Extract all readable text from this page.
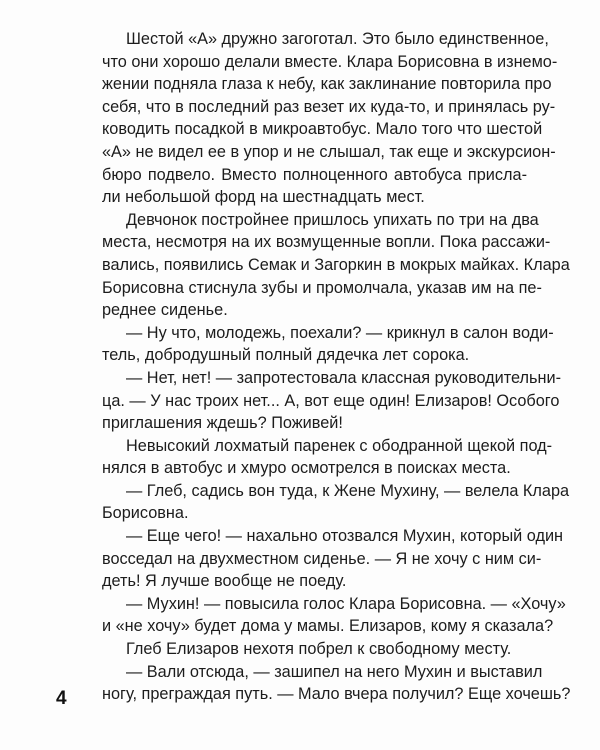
Шестой «А» дружно загоготал. Это было единственное,
что они хорошо делали вместе. Клара Борисовна в изнемо-
жении подняла глаза к небу, как заклинание повторила про
себя, что в последний раз везет их куда-то, и принялась ру-
ководить посадкой в микроавтобус. Мало того что шестой
«А» не видел ее в упор и не слышал, так еще и экскурсион-
бюро подвело. Вместо полноценного автобуса прислa-
ли небольшой форд на шестнадцать мест.
Девчонок постройнее пришлось упихать по три на два
места, несмотря на их возмущенные вопли. Пока рассажи-
вались, появились Семак и Загоркин в мокрых майках. Клара
Борисовна стиснула зубы и промолчала, указав им на пе-
реднее сиденье.
— Ну что, молодежь, поехали? — крикнул в салон води-
тель, добродушный полный дядечка лет сорока.
— Нет, нет! — запротестовала классная руководительни-
ца. — У нас троих нет... А, вот еще один! Елизаров! Особого
приглашения ждешь? Поживей!
Невысокий лохматый паренек с ободранной щекой под-
нялся в автобус и хмуро осмотрелся в поисках места.
— Глеб, садись вон туда, к Жене Мухину, — велела Клара
Борисовна.
— Еще чего! — нахально отозвался Мухин, который один
восседал на двухместном сиденье. — Я не хочу с ним си-
деть! Я лучше вообще не поеду.
— Мухин! — повысила голос Клара Борисовна. — «Хочу»
и «не хочу» будет дома у мамы. Елизаров, кому я сказала?
Глеб Елизаров нехотя побрел к свободному месту.
— Вали отсюда, — зашипел на него Мухин и выставил
ногу, преграждая путь. — Мало вчера получил? Еще хочешь?
4
